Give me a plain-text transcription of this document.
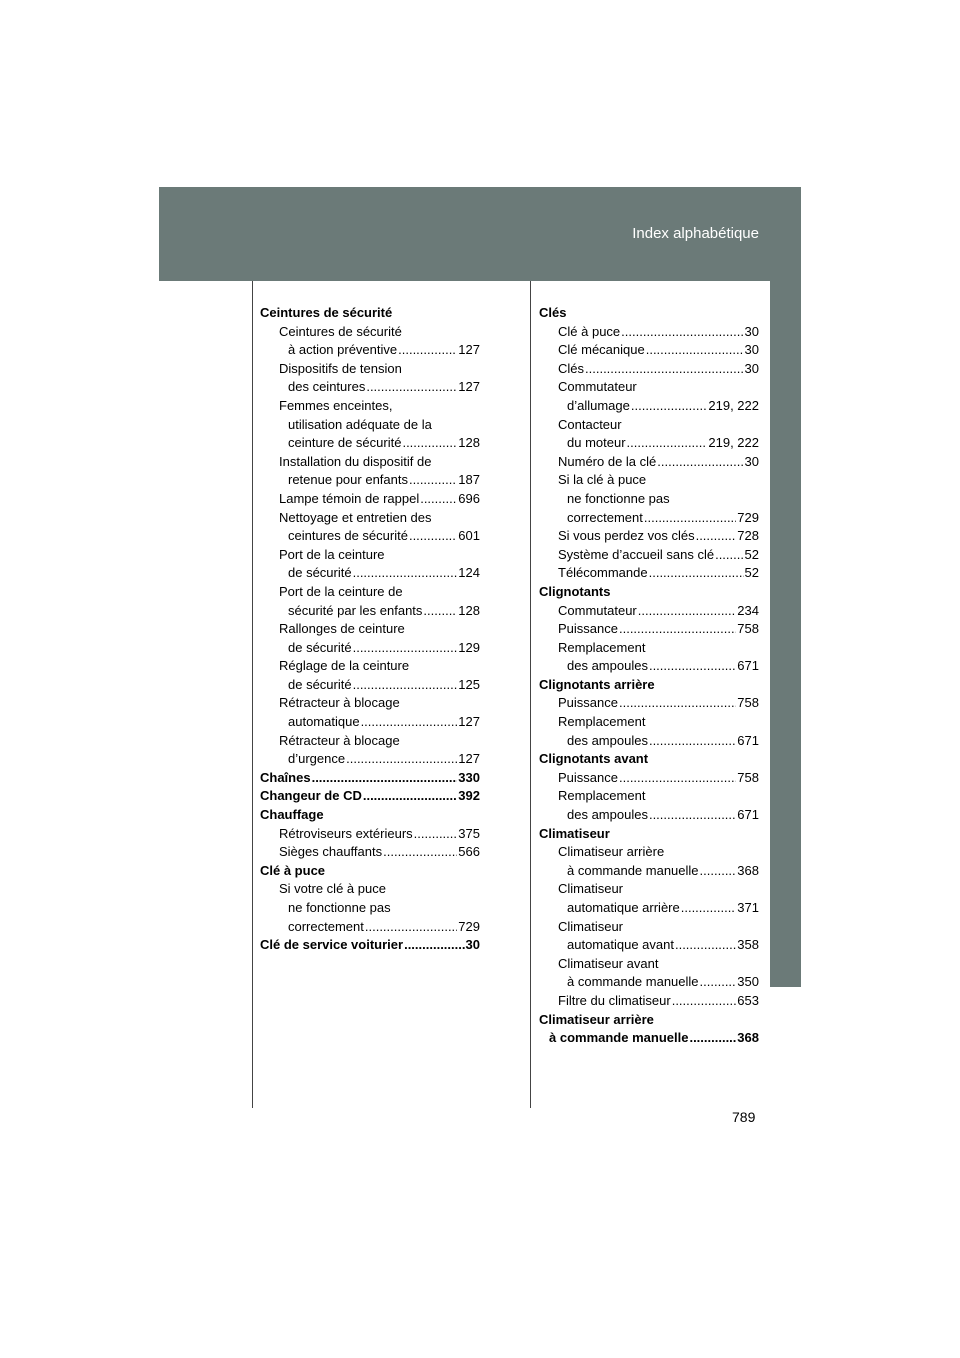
Index alphabétique
Ceintures de sécurité
Ceintures de sécurité
à action préventive .....	127
Dispositifs de tension
des ceintures .....	127
Femmes enceintes,
utilisation adéquate de la
ceinture de sécurité .....	128
Installation du dispositif de
retenue pour enfants .....	187
Lampe témoin de rappel .....	696
Nettoyage et entretien des
ceintures de sécurité .....	601
Port de la ceinture
de sécurité .....	124
Port de la ceinture de
sécurité par les enfants .....	128
Rallonges de ceinture
de sécurité .....	129
Réglage de la ceinture
de sécurité .....	125
Rétracteur à blocage
automatique .....	127
Rétracteur à blocage
d’urgence .....	127
Chaînes .....	330
Changeur de CD .....	392
Chauffage
Rétroviseurs extérieurs .....	375
Sièges chauffants .....	566
Clé à puce
Si votre clé à puce
ne fonctionne pas
correctement .....	729
Clé de service voiturier .....	30
Clés
Clé à puce .....	30
Clé mécanique .....	30
Clés .....	30
Commutateur
d’allumage .....	219, 222
Contacteur
du moteur .....	219, 222
Numéro de la clé .....	30
Si la clé à puce
ne fonctionne pas
correctement .....	729
Si vous perdez vos clés .....	728
Système d’accueil sans clé ..... 52
Télécommande .....	52
Clignotants
Commutateur .....	234
Puissance .....	758
Remplacement
des ampoules .....	671
Clignotants arrière
Puissance .....	758
Remplacement
des ampoules .....	671
Clignotants avant
Puissance .....	758
Remplacement
des ampoules .....	671
Climatiseur
Climatiseur arrière
à commande manuelle .....	368
Climatiseur
automatique arrière .....	371
Climatiseur
automatique avant .....	358
Climatiseur avant
à commande manuelle .....	350
Filtre du climatiseur .....	653
Climatiseur arrière
à commande manuelle .....	368
789
